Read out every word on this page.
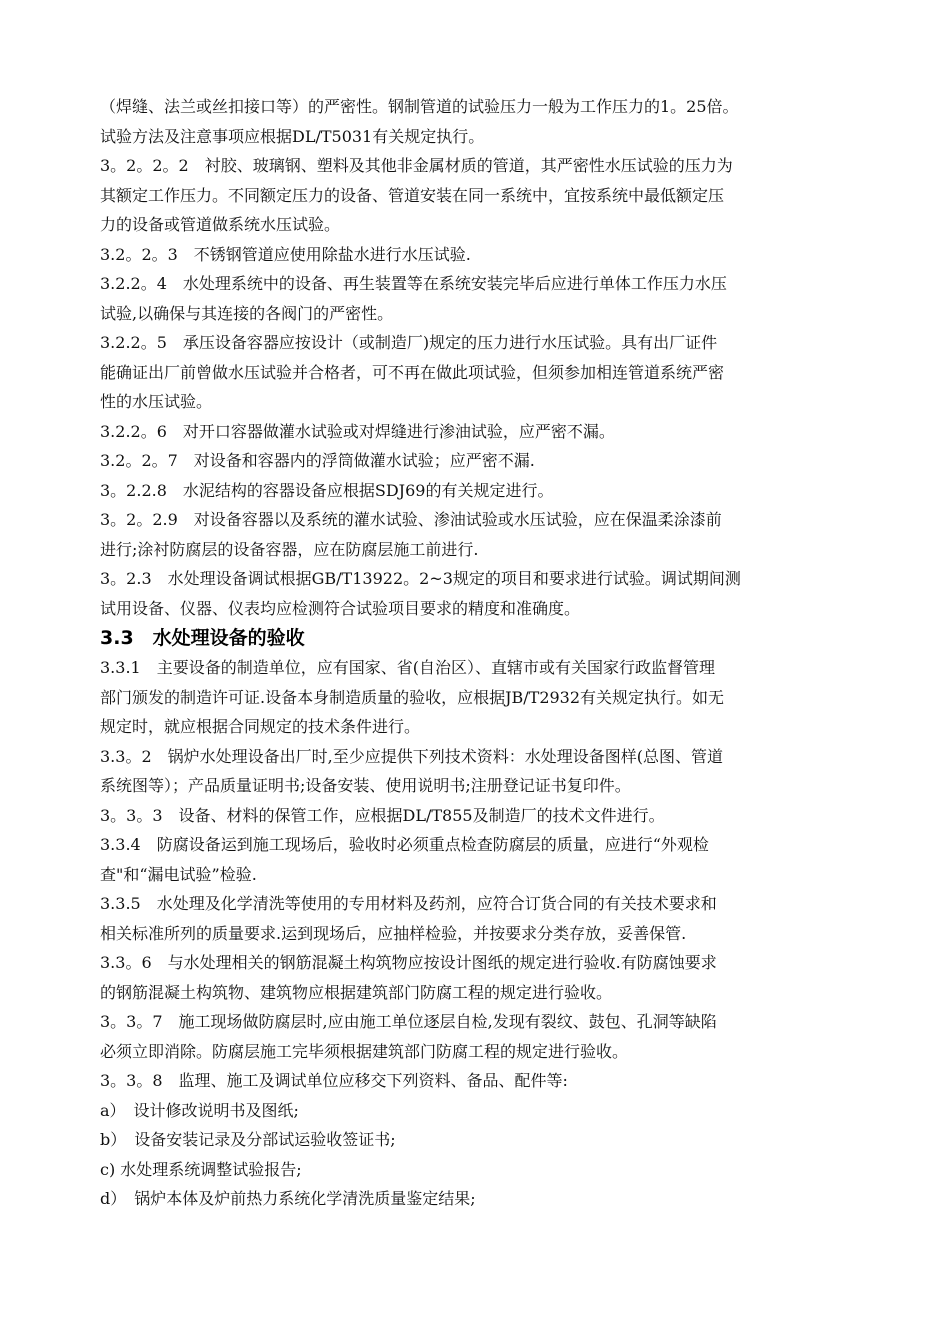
（焊缝、法兰或丝扣接口等）的严密性。钢制管道的试验压力一般为工作压力的1。25倍。

试验方法及注意事项应根据DL/T5031有关规定执行。

3。2。2。2　衬胶、玻璃钢、塑料及其他非金属材质的管道，其严密性水压试验的压力为

其额定工作压力。不同额定压力的设备、管道安装在同一系统中，宜按系统中最低额定压

力的设备或管道做系统水压试验。

3.2。2。3　不锈钢管道应使用除盐水进行水压试验.

3.2.2。4　水处理系统中的设备、再生装置等在系统安装完毕后应进行单体工作压力水压

试验,以确保与其连接的各阀门的严密性。

3.2.2。5　承压设备容器应按设计（或制造厂)规定的压力进行水压试验。具有出厂证件

能确证出厂前曾做水压试验并合格者，可不再在做此项试验，但须参加相连管道系统严密

性的水压试验。

3.2.2。6　对开口容器做灌水试验或对焊缝进行渗油试验，应严密不漏。

3.2。2。7　对设备和容器内的浮筒做灌水试验；应严密不漏.

3。2.2.8　水泥结构的容器设备应根据SDJ69的有关规定进行。

3。2。2.9　对设备容器以及系统的灌水试验、渗油试验或水压试验，应在保温柔涂漆前

进行;涂衬防腐层的设备容器，应在防腐层施工前进行.

3。2.3　水处理设备调试根据GB/T13922。2~3规定的项目和要求进行试验。调试期间测

试用设备、仪器、仪表均应检测符合试验项目要求的精度和准确度。

3.3　水处理设备的验收

3.3.1　主要设备的制造单位，应有国家、省(自治区）、直辖市或有关国家行政监督管理

部门颁发的制造许可证.设备本身制造质量的验收，应根据JB/T2932有关规定执行。如无

规定时，就应根据合同规定的技术条件进行。

3.3。2　锅炉水处理设备出厂时,至少应提供下列技术资料：水处理设备图样(总图、管道

系统图等）；产品质量证明书;设备安装、使用说明书;注册登记证书复印件。

3。3。3　设备、材料的保管工作，应根据DL/T855及制造厂的技术文件进行。

3.3.4　防腐设备运到施工现场后，验收时必须重点检查防腐层的质量，应进行“外观检

查"和“漏电试验”检验.

3.3.5　水处理及化学清洗等使用的专用材料及药剂，应符合订货合同的有关技术要求和

相关标准所列的质量要求.运到现场后，应抽样检验，并按要求分类存放，妥善保管.

3.3。6　与水处理相关的钢筋混凝土构筑物应按设计图纸的规定进行验收.有防腐蚀要求

的钢筋混凝土构筑物、建筑物应根据建筑部门防腐工程的规定进行验收。

3。3。7　施工现场做防腐层时,应由施工单位逐层自检,发现有裂纹、鼓包、孔洞等缺陷

必须立即消除。防腐层施工完毕须根据建筑部门防腐工程的规定进行验收。

3。3。8　监理、施工及调试单位应移交下列资料、备品、配件等:

a）　设计修改说明书及图纸;

b）　设备安装记录及分部试运验收签证书;

c) 水处理系统调整试验报告;

d）　锅炉本体及炉前热力系统化学清洗质量鉴定结果;
